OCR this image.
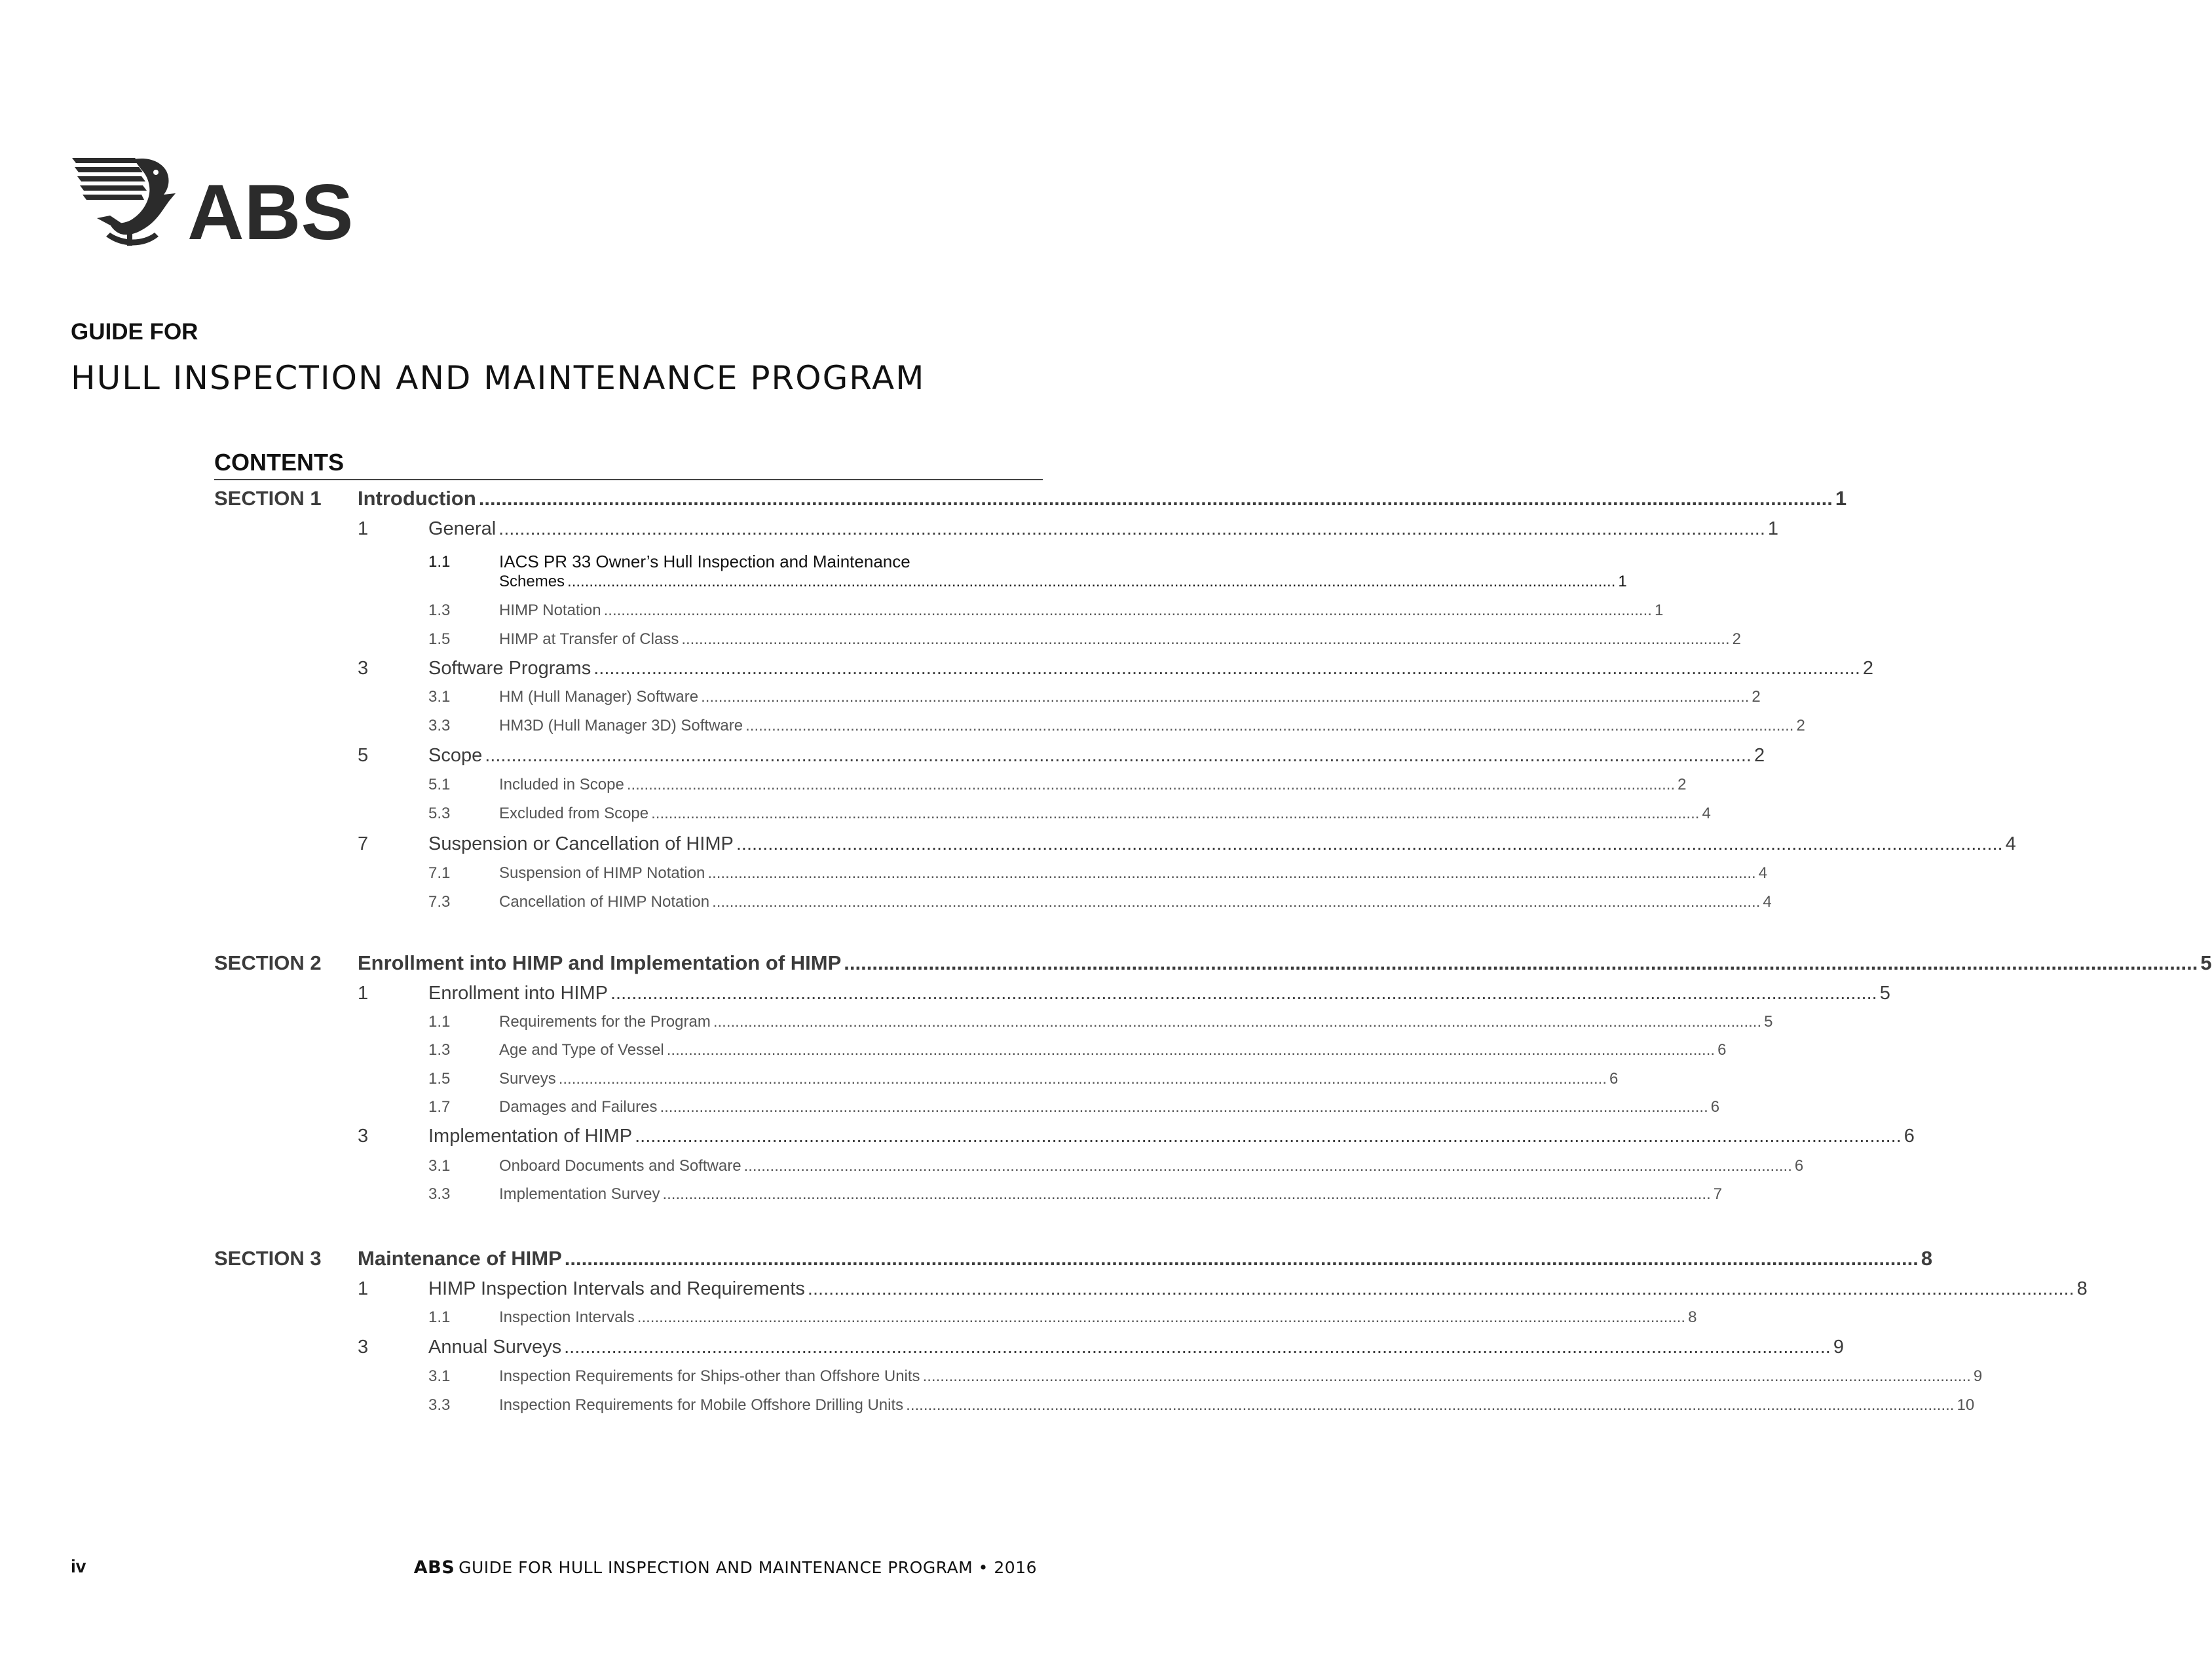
ABS
GUIDE FOR
HULL INSPECTION AND MAINTENANCE PROGRAM
CONTENTS
SECTION 1 Introduction .....	1
1	General .....	1
1.1	IACS PR 33 Owner’s Hull Inspection and Maintenance
Schemes .....	1
1.3	HIMP Notation .....	1
1.5	HIMP at Transfer of Class .....	2
3	Software Programs .....	2
3.1	HM (Hull Manager) Software .....	2
3.3	HM3D (Hull Manager 3D) Software .....	2
5	Scope .....	2
5.1	Included in Scope .....	2
5.3	Excluded from Scope .....	4
7	Suspension or Cancellation of HIMP .....	4
7.1	Suspension of HIMP Notation .....	4
7.3	Cancellation of HIMP Notation .....	4
SECTION 2 Enrollment into HIMP and Implementation of HIMP .....	5
1	Enrollment into HIMP .....	5
1.1	Requirements for the Program .....	5
1.3	Age and Type of Vessel .....	6
1.5	Surveys .....	6
1.7	Damages and Failures .....	6
3	Implementation of HIMP .....	6
3.1	Onboard Documents and Software .....	6
3.3	Implementation Survey .....	7
SECTION 3 Maintenance of HIMP .....	8
1	HIMP Inspection Intervals and Requirements .....	8
1.1	Inspection Intervals .....	8
3	Annual Surveys .....	9
3.1	Inspection Requirements for Ships-other than Offshore Units .....	9
3.3	Inspection Requirements for Mobile Offshore Drilling Units .....	10
iv	ABS GUIDE FOR HULL INSPECTION AND MAINTENANCE PROGRAM • 2016
